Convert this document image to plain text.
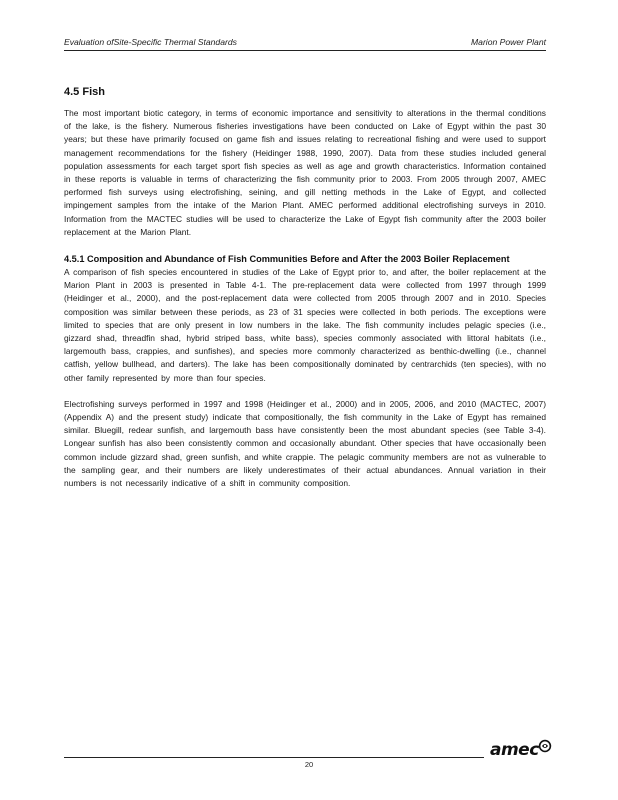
Evaluation ofSite-Specific Thermal Standards	Marion Power Plant
4.5 Fish

The most important biotic category, in terms of economic importance and sensitivity to alterations in the thermal conditions of the lake, is the fishery. Numerous fisheries investigations have been conducted on Lake of Egypt within the past 30 years; but these have primarily focused on game fish and issues relating to recreational fishing and were used to support management recommendations for the fishery (Heidinger 1988, 1990, 2007). Data from these studies included general population assessments for each target sport fish species as well as age and growth characteristics. Information contained in these reports is valuable in terms of characterizing the fish community prior to 2003. From 2005 through 2007, AMEC performed fish surveys using electrofishing, seining, and gill netting methods in the Lake of Egypt, and collected impingement samples from the intake of the Marion Plant. AMEC performed additional electrofishing surveys in 2010. Information from the MACTEC studies will be used to characterize the Lake of Egypt fish community after the 2003 boiler replacement at the Marion Plant.

4.5.1 Composition and Abundance of Fish Communities Before and After the 2003 Boiler Replacement

A comparison of fish species encountered in studies of the Lake of Egypt prior to, and after, the boiler replacement at the Marion Plant in 2003 is presented in Table 4-1. The pre-replacement data were collected from 1997 through 1999 (Heidinger et al., 2000), and the post-replacement data were collected from 2005 through 2007 and in 2010. Species composition was similar between these periods, as 23 of 31 species were collected in both periods. The exceptions were limited to species that are only present in low numbers in the lake. The fish community includes pelagic species (i.e., gizzard shad, threadfin shad, hybrid striped bass, white bass), species commonly associated with littoral habitats (i.e., largemouth bass, crappies, and sunfishes), and species more commonly characterized as benthic-dwelling (i.e., channel catfish, yellow bullhead, and darters). The lake has been compositionally dominated by centrarchids (ten species), with no other family represented by more than four species.

Electrofishing surveys performed in 1997 and 1998 (Heidinger et al., 2000) and in 2005, 2006, and 2010 (MACTEC, 2007) (Appendix A) and the present study) indicate that compositionally, the fish community in the Lake of Egypt has remained similar. Bluegill, redear sunfish, and largemouth bass have consistently been the most abundant species (see Table 3-4). Longear sunfish has also been consistently common and occasionally abundant. Other species that have occasionally been common include gizzard shad, green sunfish, and white crappie. The pelagic community members are not as vulnerable to the sampling gear, and their numbers are likely underestimates of their actual abundances. Annual variation in their numbers is not necessarily indicative of a shift in community composition.

20
amec
